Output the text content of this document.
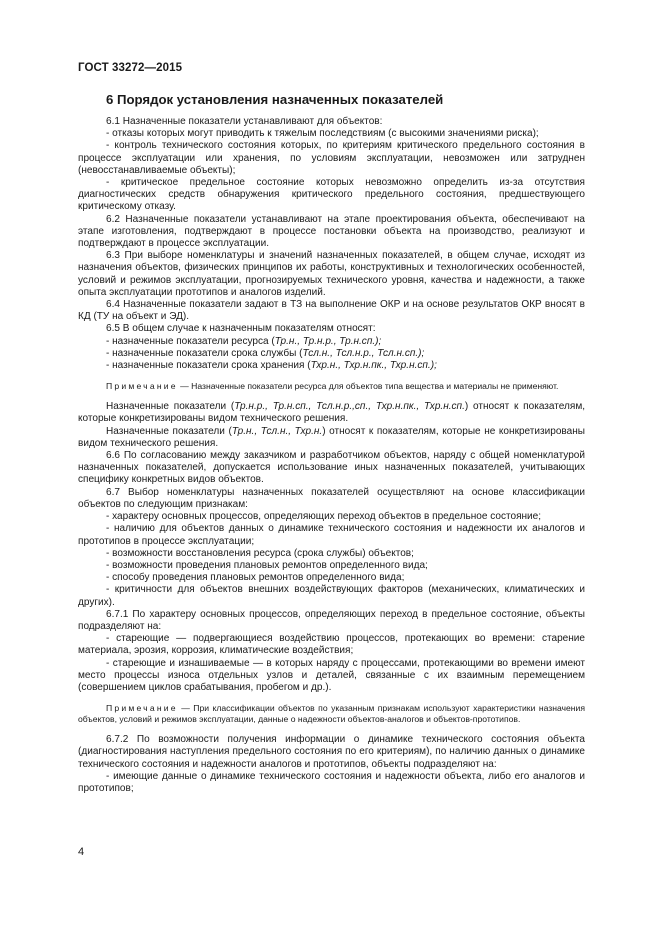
ГОСТ 33272—2015
6 Порядок установления назначенных показателей

6.1 Назначенные показатели устанавливают для объектов:

- отказы которых могут приводить к тяжелым последствиям (с высокими значениями риска);

- контроль технического состояния которых, по критериям критического предельного состояния в процессе эксплуатации или хранения, по условиям эксплуатации, невозможен или затруднен (невосстанавливаемые объекты);

- критическое предельное состояние которых невозможно определить из-за отсутствия диагностических средств обнаружения критического предельного состояния, предшествующего критическому отказу.

6.2 Назначенные показатели устанавливают на этапе проектирования объекта, обеспечивают на этапе изготовления, подтверждают в процессе постановки объекта на производство, реализуют и подтверждают в процессе эксплуатации.

6.3 При выборе номенклатуры и значений назначенных показателей, в общем случае, исходят из назначения объектов, физических принципов их работы, конструктивных и технологических особенностей, условий и режимов эксплуатации, прогнозируемых технического уровня, качества и надежности, а также опыта эксплуатации прототипов и аналогов изделий.

6.4 Назначенные показатели задают в ТЗ на выполнение ОКР и на основе результатов ОКР вносят в КД (ТУ на объект и ЭД).

6.5 В общем случае к назначенным показателям относят:

- назначенные показатели ресурса (Тр.н., Тр.н.р., Тр.н.сп.);

- назначенные показатели срока службы (Тсл.н., Тсл.н.р., Тсл.н.сп.);

- назначенные показатели срока хранения (Тхр.н., Тхр.н.пк., Тхр.н.сп.);

Примечание — Назначенные показатели ресурса для объектов типа вещества и материалы не применяют.

Назначенные показатели (Тр.н.р., Тр.н.сп., Тсл.н.р.,сп., Тхр.н.пк., Тхр.н.сп.) относят к показателям, которые конкретизированы видом технического решения.

Назначенные показатели (Тр.н., Тсл.н., Тхр.н.) относят к показателям, которые не конкретизированы видом технического решения.

6.6 По согласованию между заказчиком и разработчиком объектов, наряду с общей номенклатурой назначенных показателей, допускается использование иных назначенных показателей, учитывающих специфику конкретных видов объектов.

6.7 Выбор номенклатуры назначенных показателей осуществляют на основе классификации объектов по следующим признакам:

- характеру основных процессов, определяющих переход объектов в предельное состояние;

- наличию для объектов данных о динамике технического состояния и надежности их аналогов и прототипов в процессе эксплуатации;

- возможности восстановления ресурса (срока службы) объектов;

- возможности проведения плановых ремонтов определенного вида;

- способу проведения плановых ремонтов определенного вида;

- критичности для объектов внешних воздействующих факторов (механических, климатических и других).

6.7.1 По характеру основных процессов, определяющих переход в предельное состояние, объекты подразделяют на:

- стареющие — подвергающиеся воздействию процессов, протекающих во времени: старение материала, эрозия, коррозия, климатические воздействия;

- стареющие и изнашиваемые — в которых наряду с процессами, протекающими во времени имеют место процессы износа отдельных узлов и деталей, связанные с их взаимным перемещением (совершением циклов срабатывания, пробегом и др.).

Примечание — При классификации объектов по указанным признакам используют характеристики назначения объектов, условий и режимов эксплуатации, данные о надежности объектов-аналогов и объектов-прототипов.

6.7.2 По возможности получения информации о динамике технического состояния объекта (диагностирования наступления предельного состояния по его критериям), по наличию данных о динамике технического состояния и надежности аналогов и прототипов, объекты подразделяют на:

- имеющие данные о динамике технического состояния и надежности объекта, либо его аналогов и прототипов;

4
